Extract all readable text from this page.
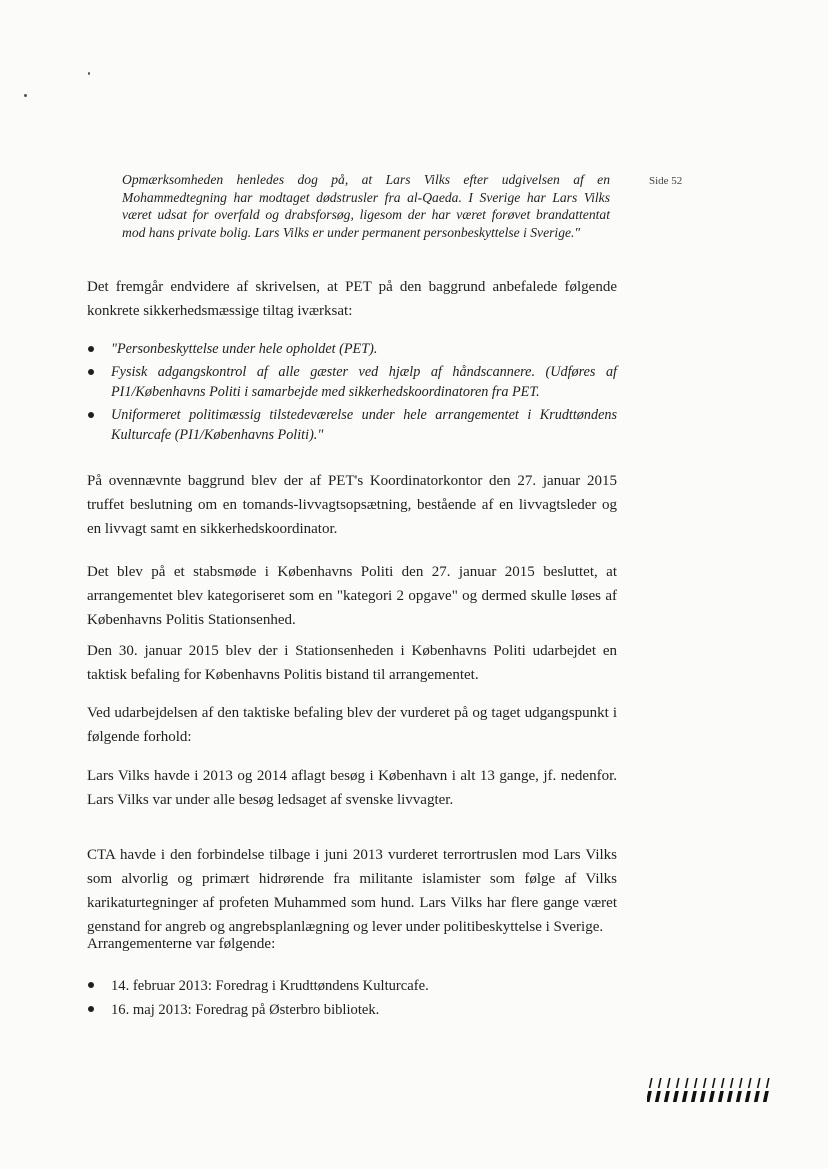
Side 52

Opmærksomheden henledes dog på, at Lars Vilks efter udgivelsen af en Mohammedtegning har modtaget dødstrusler fra al-Qaeda. I Sverige har Lars Vilks været udsat for overfald og drabsforsøg, ligesom der har været forøvet brandattentat mod hans private bolig. Lars Vilks er under permanent personbeskyttelse i Sverige."

Det fremgår endvidere af skrivelsen, at PET på den baggrund anbefalede følgende konkrete sikkerhedsmæssige tiltag iværksat:

"Personbeskyttelse under hele opholdet (PET).
Fysisk adgangskontrol af alle gæster ved hjælp af håndscannere. (Udføres af PI1/Københavns Politi i samarbejde med sikkerhedskoordinatoren fra PET.
Uniformeret politimæssig tilstedeværelse under hele arrangementet i Krudttøndens Kulturcafe (PI1/Københavns Politi)."

På ovennævnte baggrund blev der af PET's Koordinatorkontor den 27. januar 2015 truffet beslutning om en tomands-livvagtsopsætning, bestående af en livvagtsleder og en livvagt samt en sikkerhedskoordinator.

Det blev på et stabsmøde i Københavns Politi den 27. januar 2015 besluttet, at arrangementet blev kategoriseret som en "kategori 2 opgave" og dermed skulle løses af Københavns Politis Stationsenhed.

Den 30. januar 2015 blev der i Stationsenheden i Københavns Politi udarbejdet en taktisk befaling for Københavns Politis bistand til arrangementet.

Ved udarbejdelsen af den taktiske befaling blev der vurderet på og taget udgangspunkt i følgende forhold:

Lars Vilks havde i 2013 og 2014 aflagt besøg i København i alt 13 gange, jf. nedenfor. Lars Vilks var under alle besøg ledsaget af svenske livvagter.

CTA havde i den forbindelse tilbage i juni 2013 vurderet terrortruslen mod Lars Vilks som alvorlig og primært hidrørende fra militante islamister som følge af Vilks karikaturtegninger af profeten Muhammed som hund. Lars Vilks har flere gange været genstand for angreb og angrebsplanlægning og lever under politibeskyttelse i Sverige.

Arrangementerne var følgende:

14. februar 2013: Foredrag i Krudttøndens Kulturcafe.
16. maj 2013: Foredrag på Østerbro bibliotek.
